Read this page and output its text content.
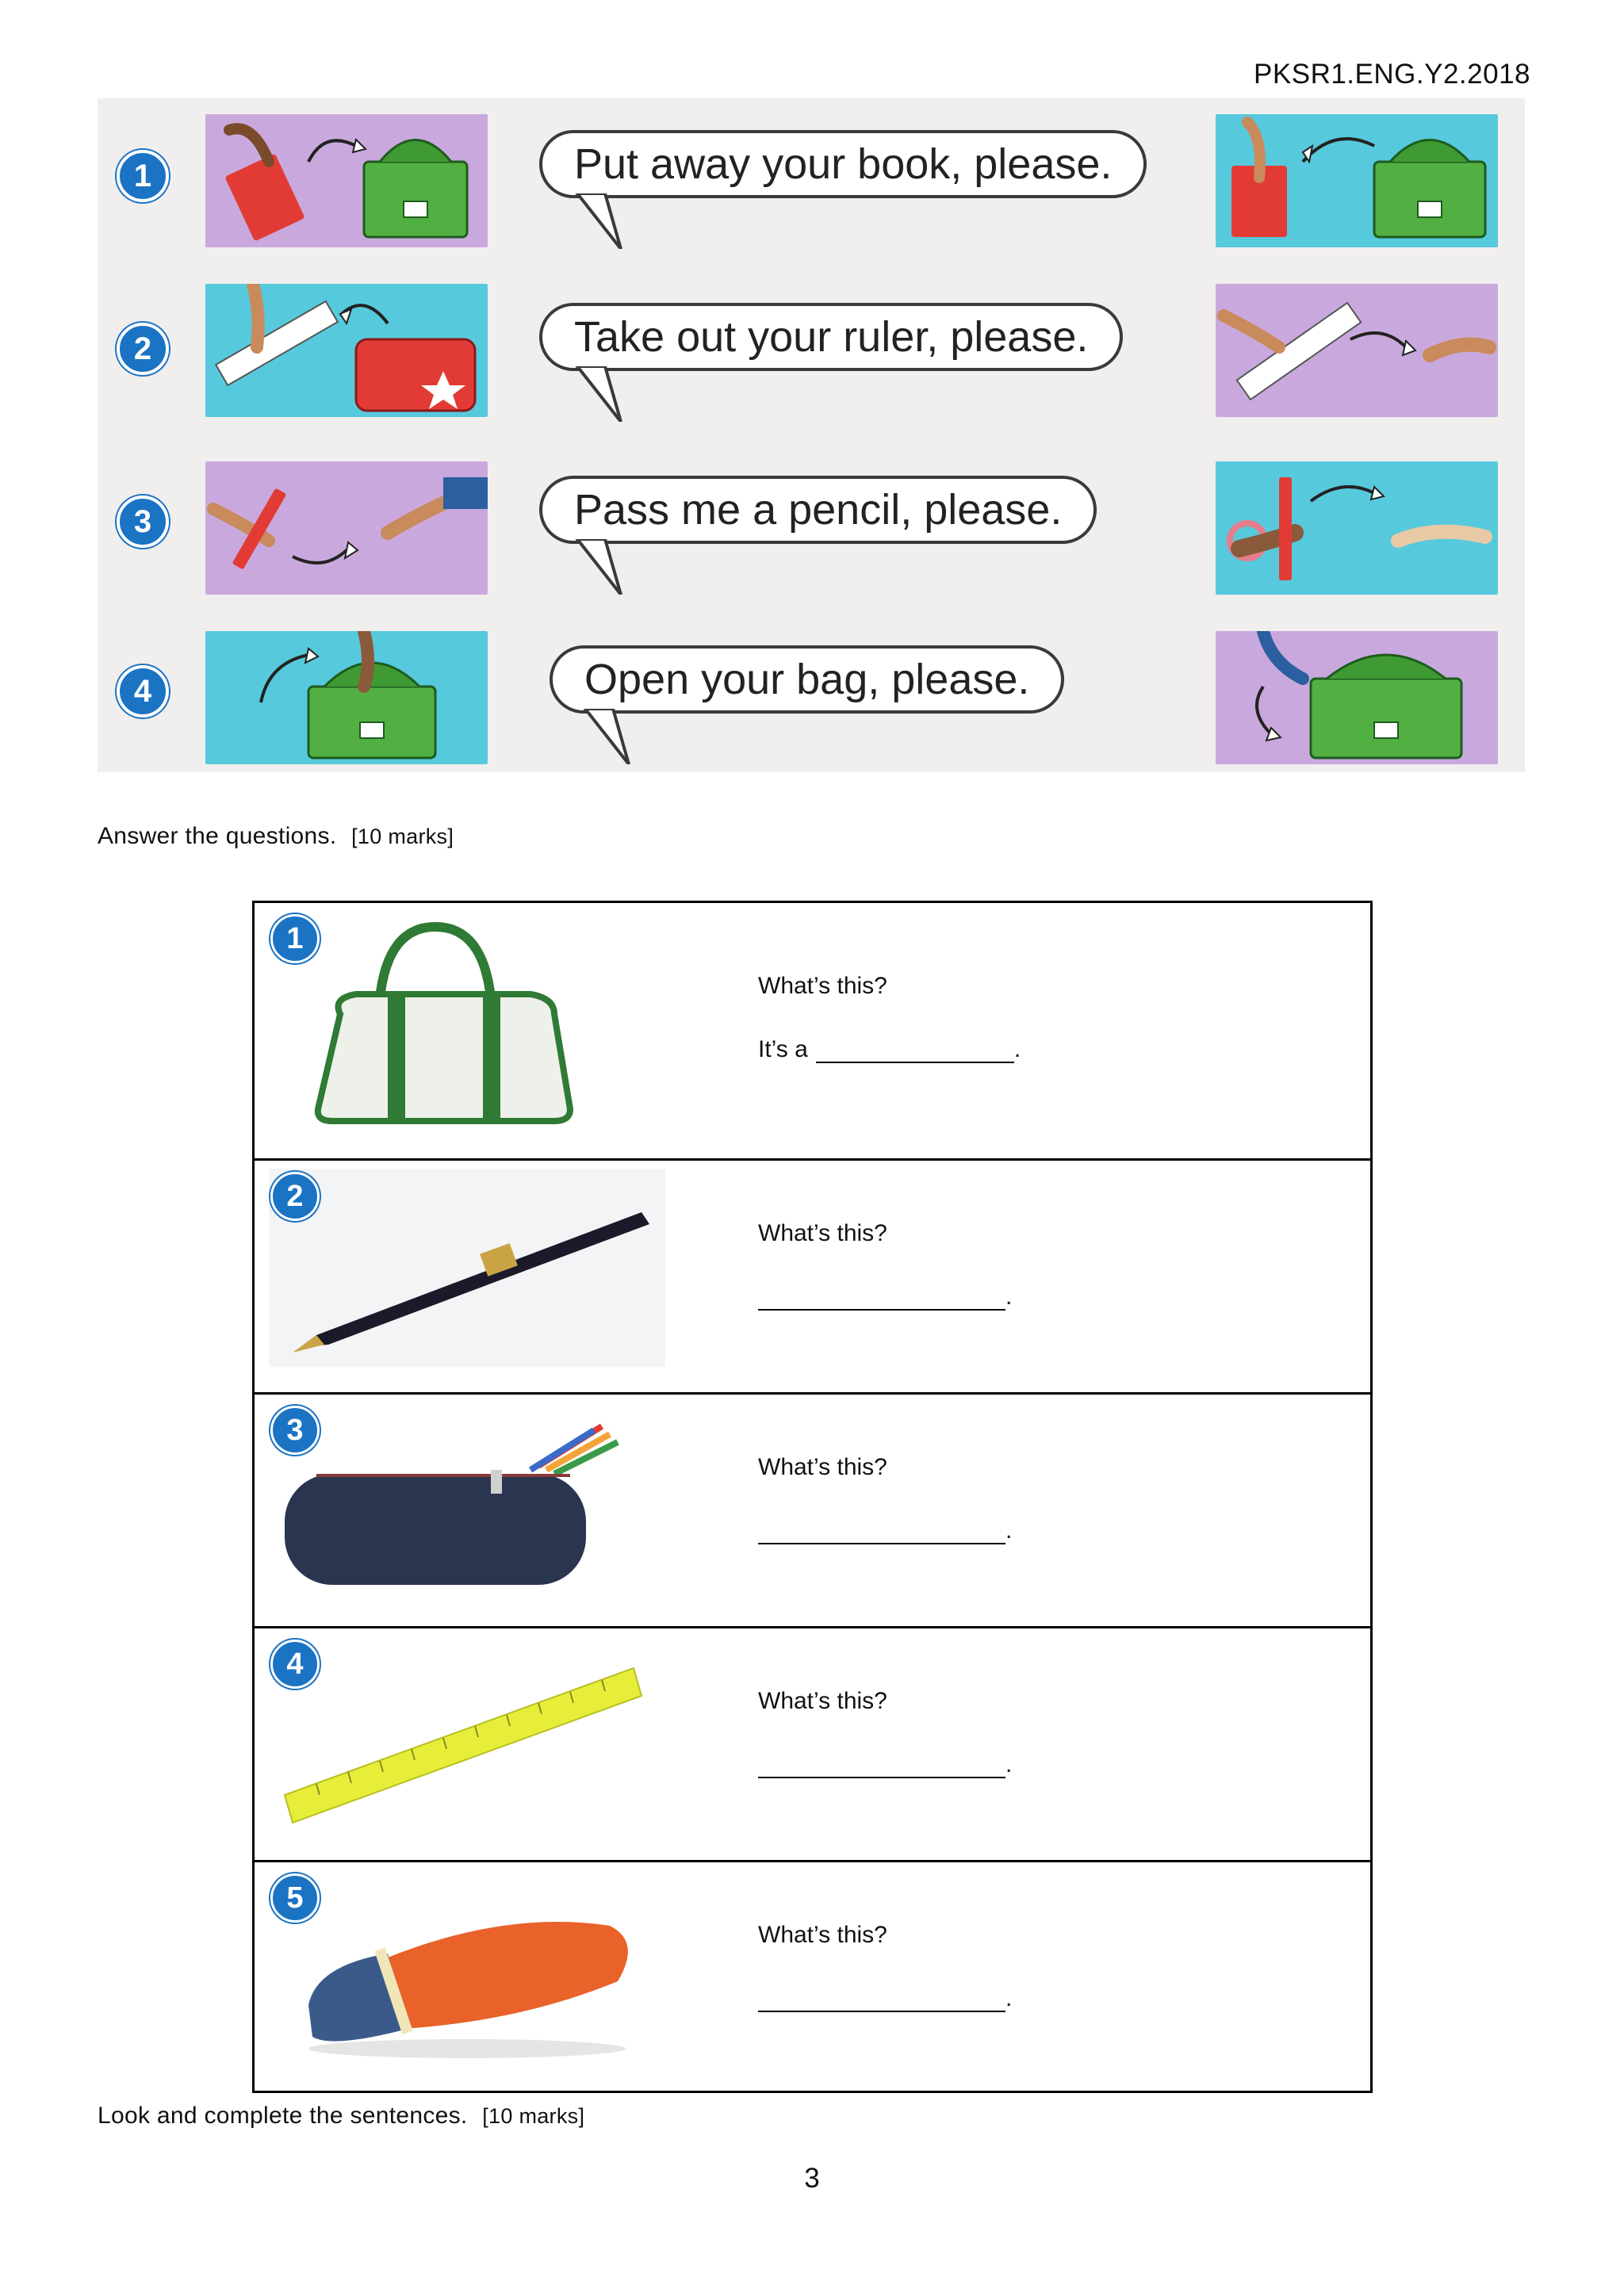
PKSR1.ENG.Y2.2018
1	Put away your book, please.
2	Take out your ruler, please.
3	Pass me a pencil, please.
4	Open your bag, please.
Answer the questions. [10 marks]
1
What’s this?
It’s a	.
2
What’s this?
.
3
What’s this?
.
4
What’s this?
.
5
What’s this?
.
Look and complete the sentences. [10 marks]
3
